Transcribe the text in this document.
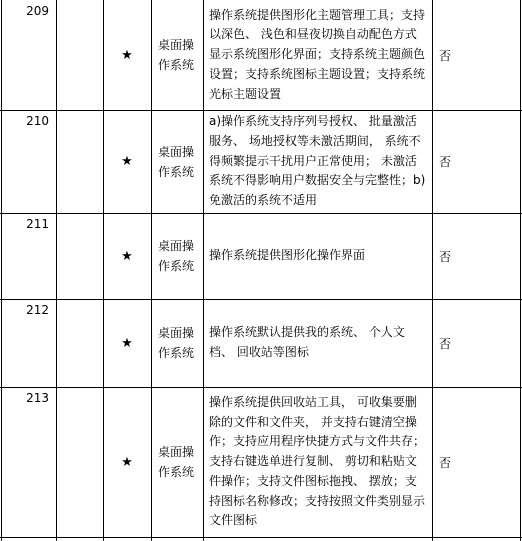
209
★
桌面操作系统
操作系统提供图形化主题管理工具；支持以深色、 浅色和昼夜切换自动配色方式显示系统图形化界面；支持系统主题颜色设置；支持系统图标主题设置；支持系统光标主题设置
否
210
★
桌面操作系统
a)操作系统支持序列号授权、 批量激活服务、 场地授权等未激活期间， 系统不得频繁提示干扰用户正常使用； 未激活系统不得影响用户数据安全与完整性；b)免激活的系统不适用
否
211
★
桌面操作系统
操作系统提供图形化操作界面	否
212
★
桌面操作系统
操作系统默认提供我的系统、 个人文档、 回收站等图标
否
213
★
桌面操作系统
操作系统提供回收站工具， 可收集要删除的文件和文件夹， 并支持右键清空操作；支持应用程序快捷方式与文件共存；支持右键选单进行复制、 剪切和粘贴文件操作；支持文件图标拖拽、 摆放；支持图标名称修改；支持按照文件类别显示文件图标
否
